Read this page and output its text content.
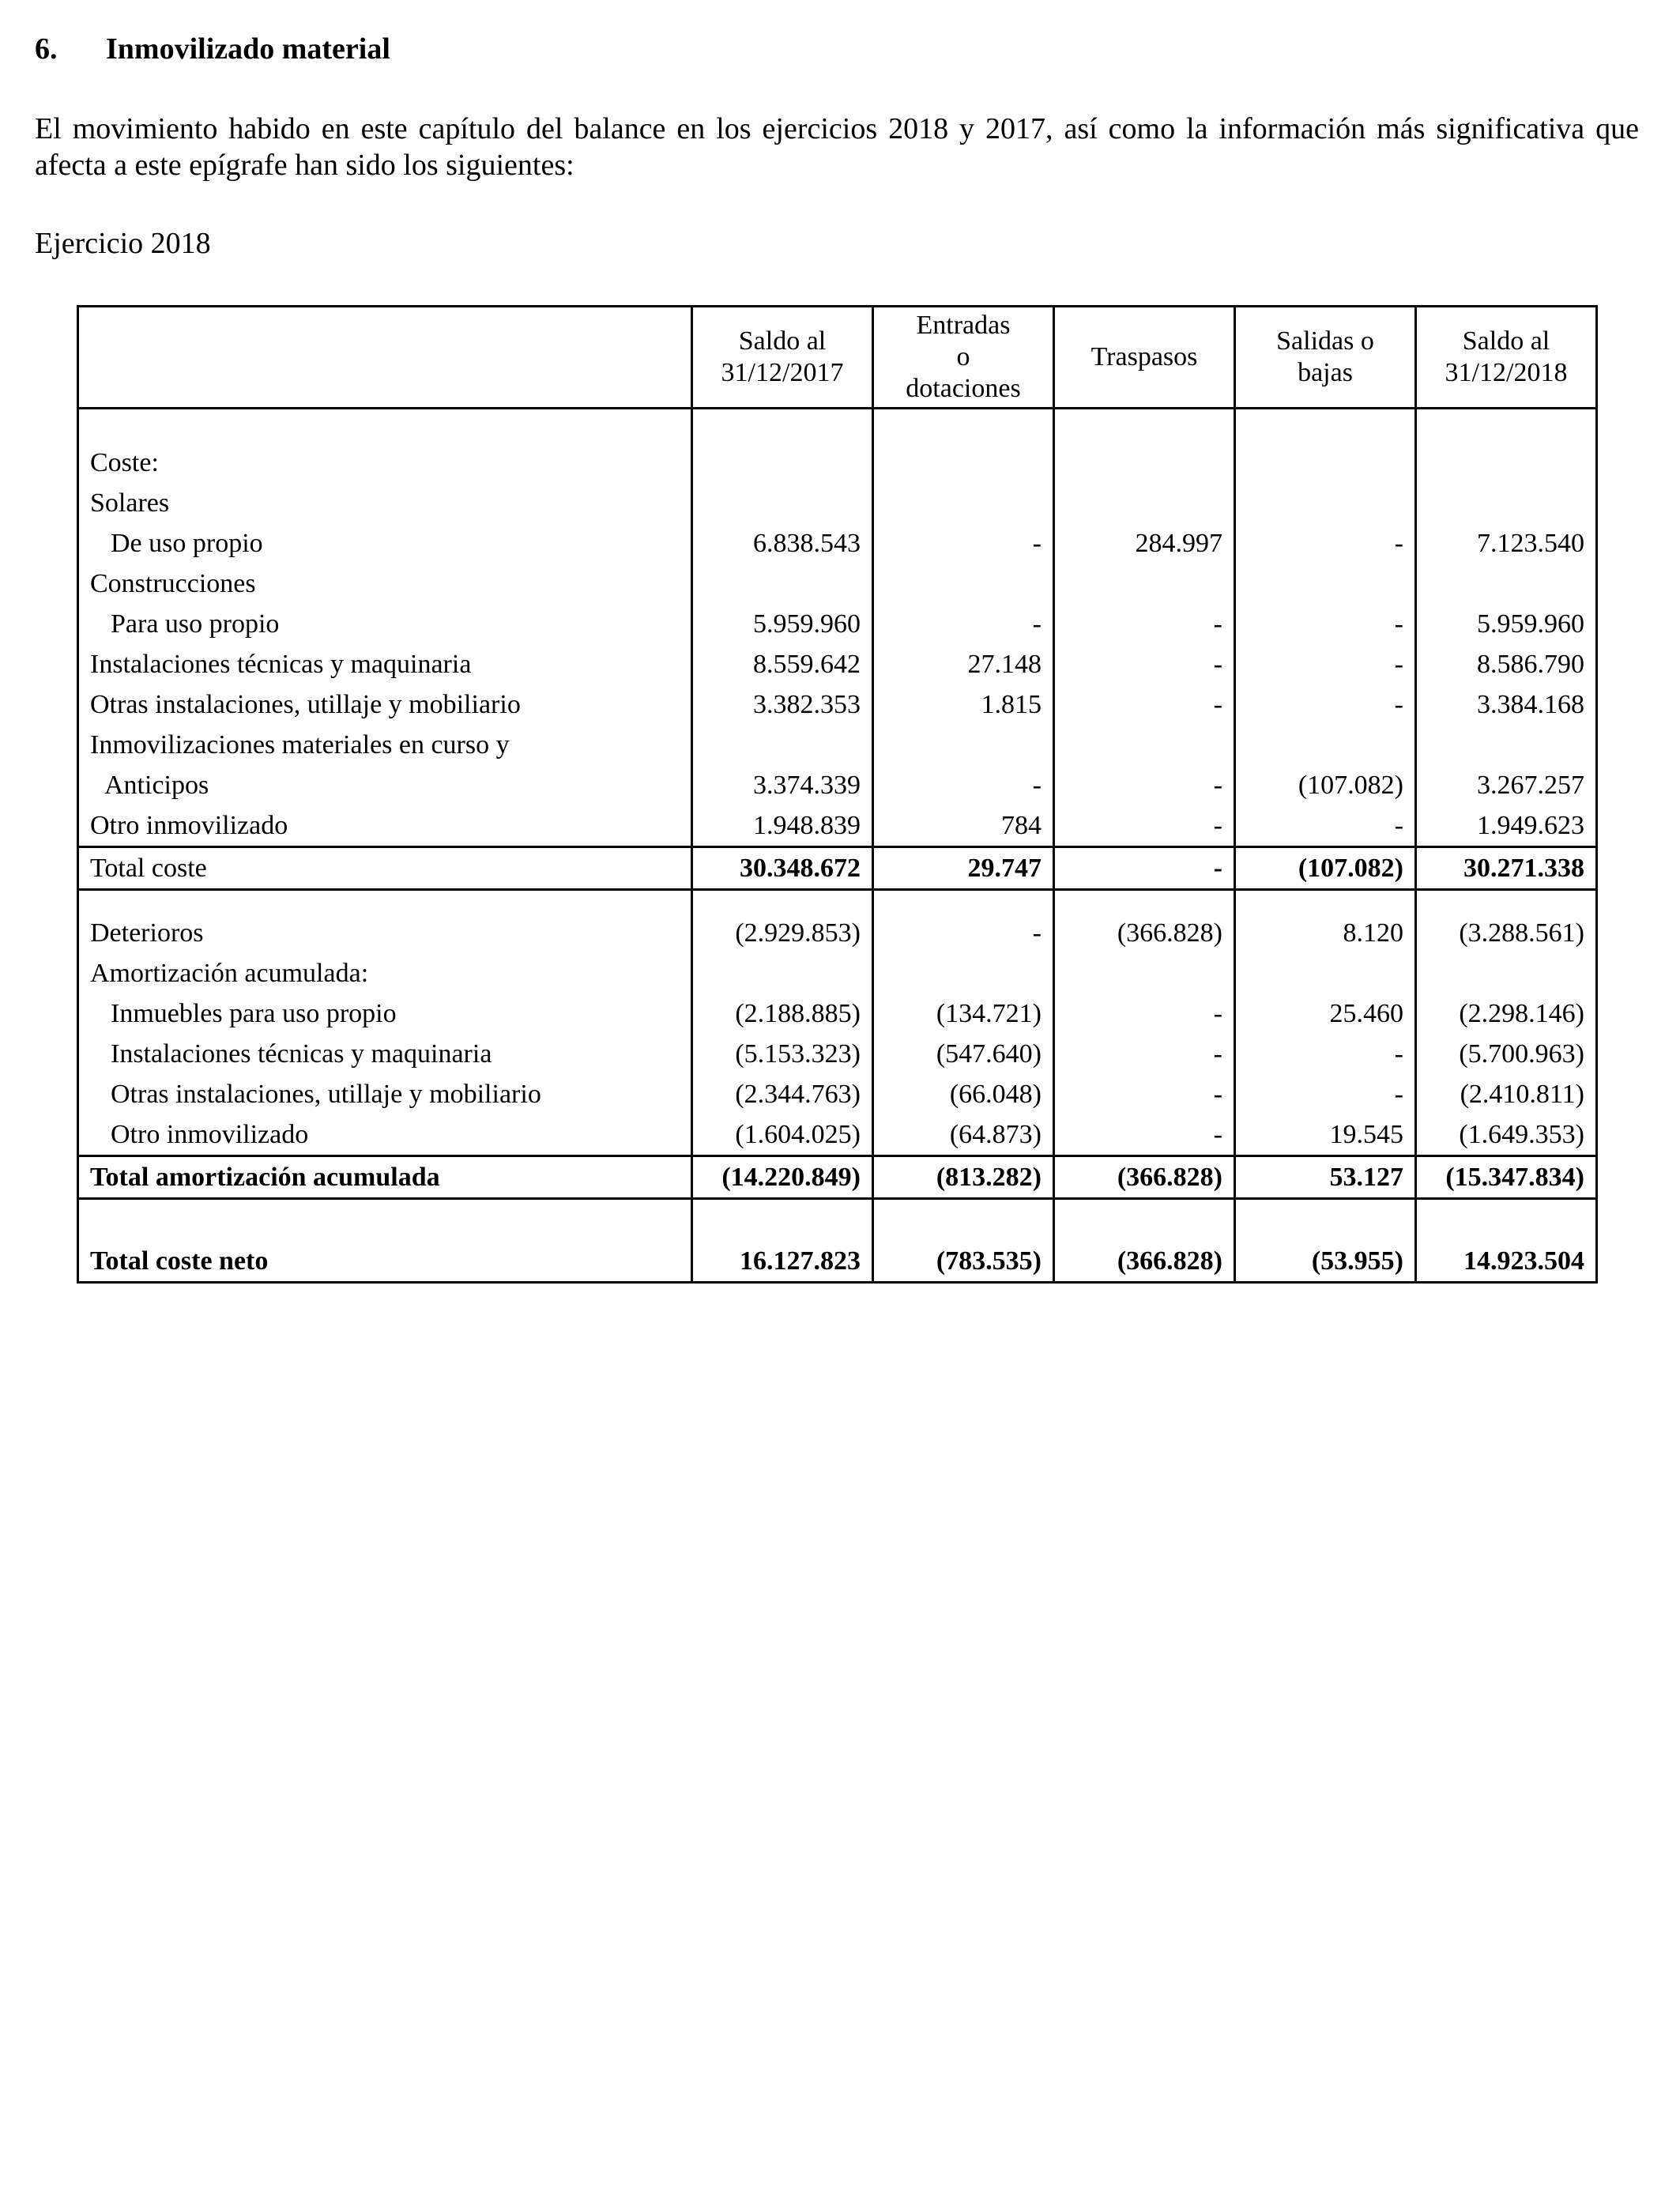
6. Inmovilizado material
El movimiento habido en este capítulo del balance en los ejercicios 2018 y 2017, así como la información más significativa que afecta a este epígrafe han sido los siguientes:
Ejercicio 2018

	Saldo al
31/12/2017	Entradas
o
dotaciones	Traspasos	Salidas o
bajas	Saldo al
31/12/2018

Coste:					
Solares					
De uso propio	6.838.543	-	284.997	-	7.123.540
Construcciones					
Para uso propio	5.959.960	-	-	-	5.959.960
Instalaciones técnicas y maquinaria	8.559.642	27.148	-	-	8.586.790
Otras instalaciones, utillaje y mobiliario	3.382.353	1.815	-	-	3.384.168
Inmovilizaciones materiales en curso y					
Anticipos	3.374.339	-	-	(107.082)	3.267.257
Otro inmovilizado	1.948.839	784	-	-	1.949.623
Total coste	30.348.672	29.747	-	(107.082)	30.271.338

Deterioros	(2.929.853)	-	(366.828)	8.120	(3.288.561)
Amortización acumulada:					
Inmuebles para uso propio	(2.188.885)	(134.721)	-	25.460	(2.298.146)
Instalaciones técnicas y maquinaria	(5.153.323)	(547.640)	-	-	(5.700.963)
Otras instalaciones, utillaje y mobiliario	(2.344.763)	(66.048)	-	-	(2.410.811)
Otro inmovilizado	(1.604.025)	(64.873)	-	19.545	(1.649.353)
Total amortización acumulada	(14.220.849)	(813.282)	(366.828)	53.127	(15.347.834)

Total coste neto	16.127.823	(783.535)	(366.828)	(53.955)	14.923.504
